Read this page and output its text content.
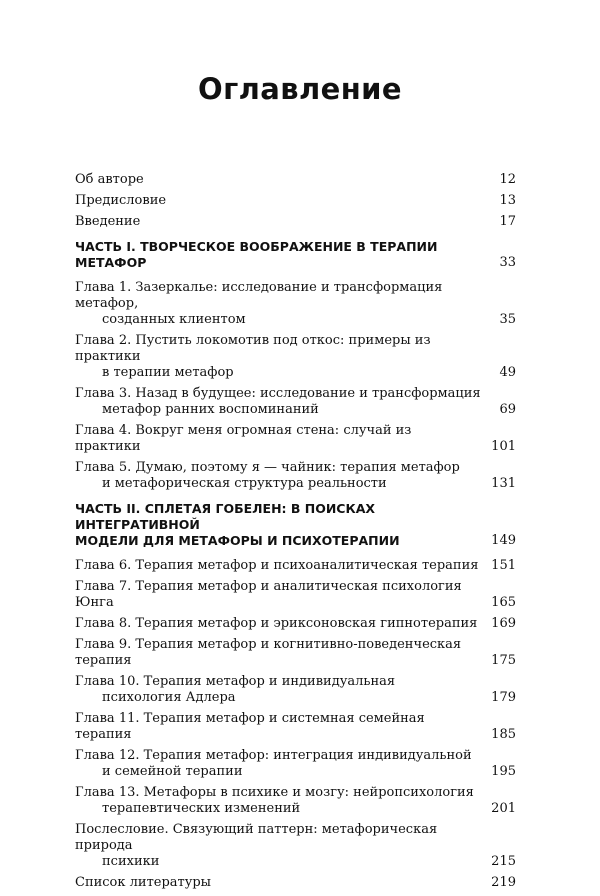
Оглавление
Об авторе	12
Предисловие	13
Введение	17
ЧАСТЬ I. ТВОРЧЕСКОЕ ВООБРАЖЕНИЕ В ТЕРАПИИ МЕТАФОР	33
Глава 1. Зазеркалье: исследование и трансформация метафор,
созданных клиентом	35
Глава 2. Пустить локомотив под откос: примеры из практики
в терапии метафор	49
Глава 3. Назад в будущее: исследование и трансформация
метафор ранних воспоминаний	69
Глава 4. Вокруг меня огромная стена: случай из практики	101
Глава 5. Думаю, поэтому я — чайник: терапия метафор
и метафорическая структура реальности	131
ЧАСТЬ II. СПЛЕТАЯ ГОБЕЛЕН: В ПОИСКАХ ИНТЕГРАТИВНОЙ
МОДЕЛИ ДЛЯ МЕТАФОРЫ И ПСИХОТЕРАПИИ	149
Глава 6. Терапия метафор и психоаналитическая терапия 151
Глава 7. Терапия метафор и аналитическая психология Юнга	165
Глава 8. Терапия метафор и эриксоновская гипнотерапия 169
Глава 9. Терапия метафор и когнитивно-поведенческая терапия	175
Глава 10. Терапия метафор и индивидуальная
психология Адлера	179
Глава 11. Терапия метафор и системная семейная терапия	185
Глава 12. Терапия метафор: интеграция индивидуальной
и семейной терапии	195
Глава 13. Метафоры в психике и мозгу: нейропсихология
терапевтических изменений	201
Послесловие. Связующий паттерн: метафорическая природа
психики	215
Список литературы	219
